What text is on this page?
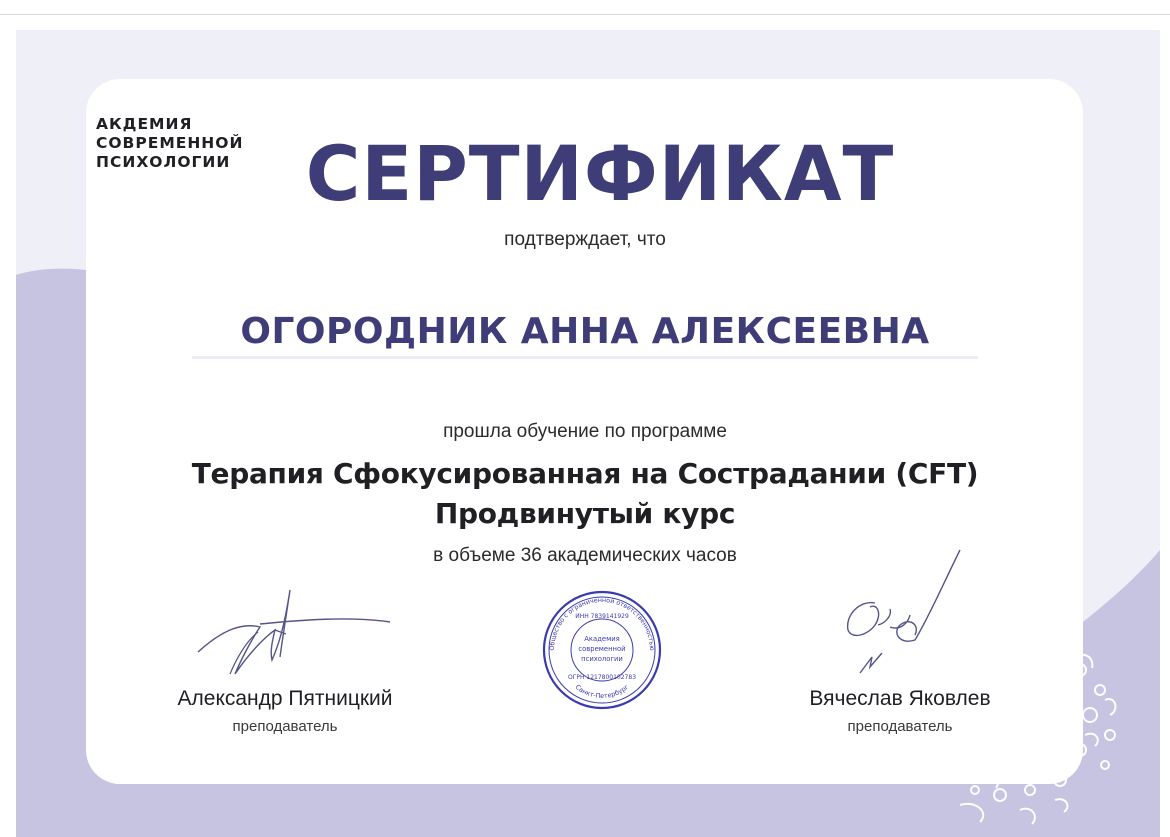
АКДЕМИЯ
СОВРЕМЕННОЙ
ПСИХОЛОГИИ СЕРТИФИКАТ
подтверждает, что
ОГОРОДНИК АННА АЛЕКСЕЕВНА
прошла обучение по программе
Терапия Сфокусированная на Сострадании (CFT)
Продвинутый курс
в объеме 36 академических часов
Александр Пятницкий
преподаватель
Вячеслав Яковлев
преподаватель
Общество с ограниченной ответственностью
ИНН 7839141929
Академия
современной
психологии
ОГРН 1217800102783
Санкт-Петербург
